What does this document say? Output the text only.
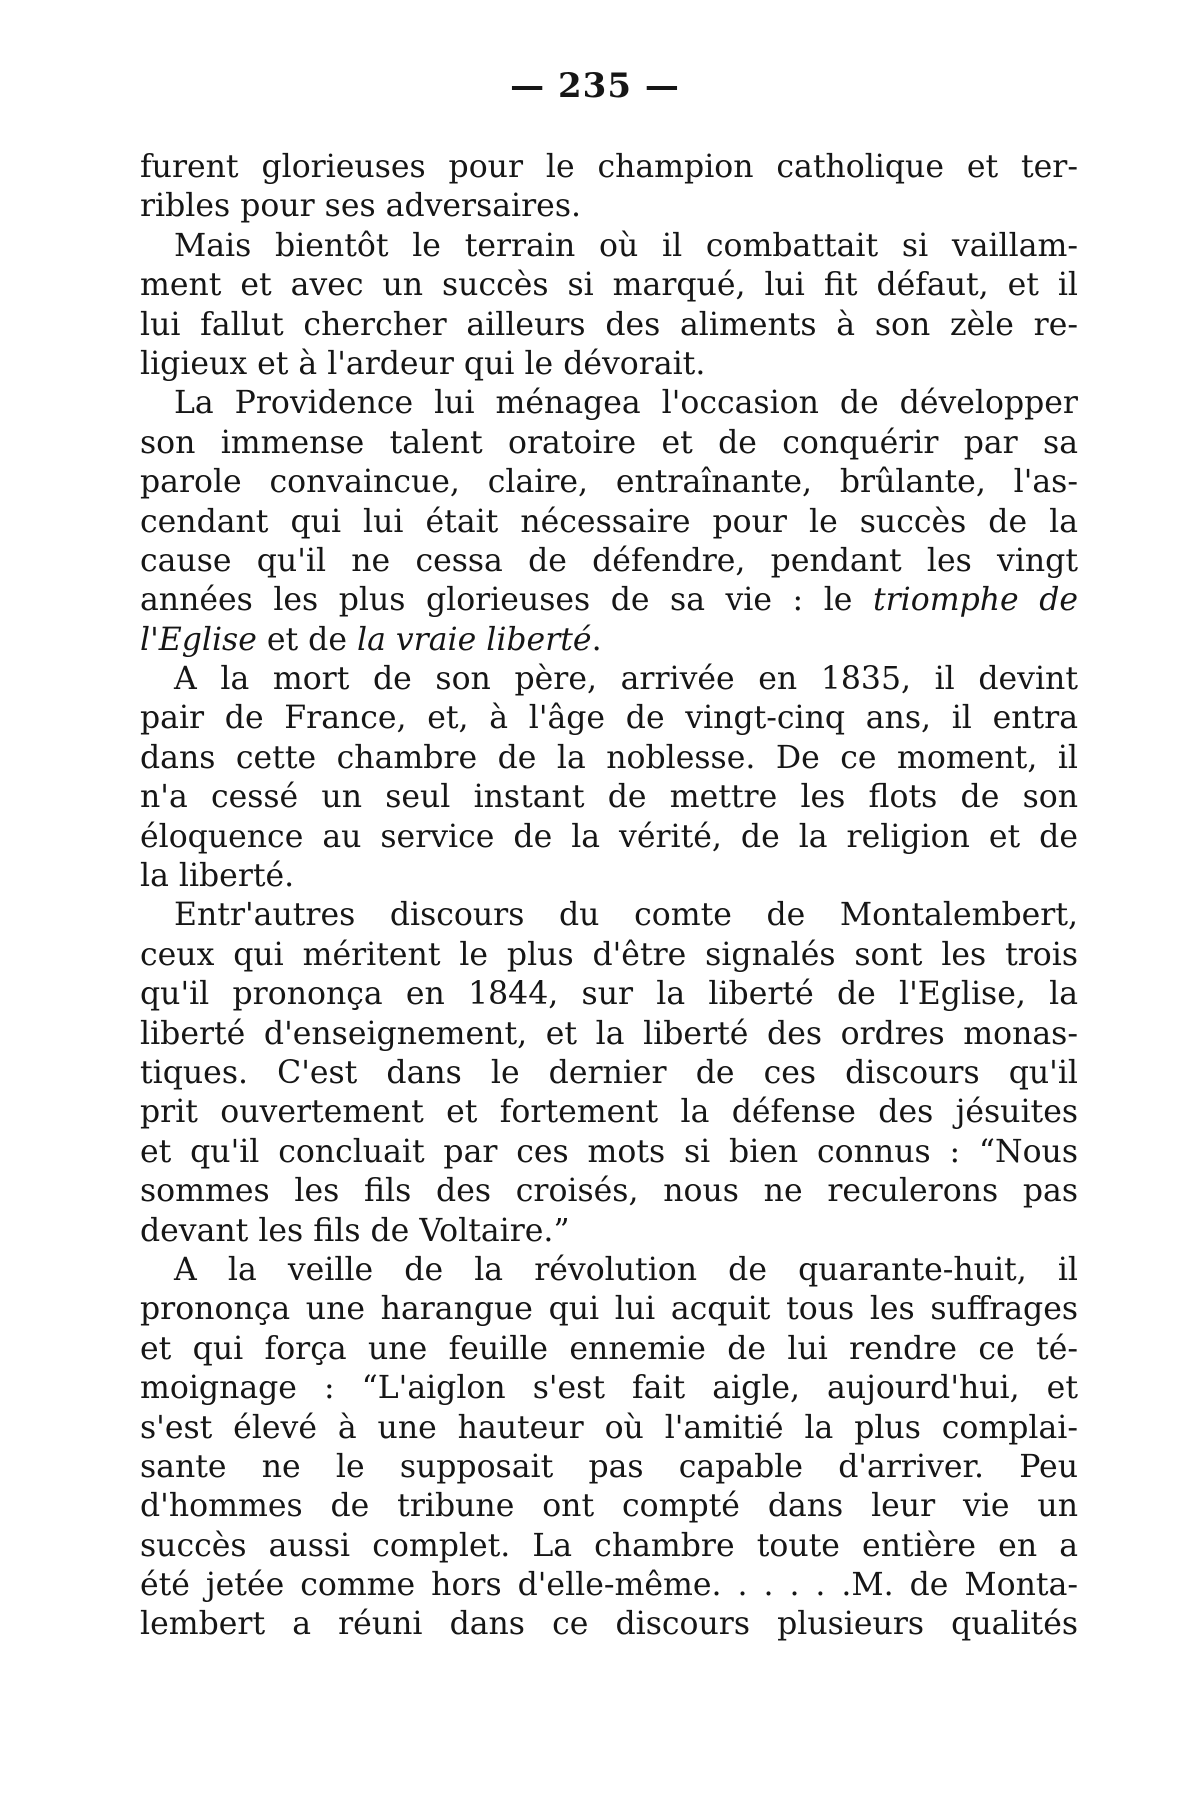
— 235 —
furent glorieuses pour le champion catholique et ter-
ribles pour ses adversaires.
Mais bientôt le terrain où il combattait si vaillam-
ment et avec un succès si marqué, lui fit défaut, et il
lui fallut chercher ailleurs des aliments à son zèle re-
ligieux et à l'ardeur qui le dévorait.
La Providence lui ménagea l'occasion de développer
son immense talent oratoire et de conquérir par sa
parole convaincue, claire, entraînante, brûlante, l'as-
cendant qui lui était nécessaire pour le succès de la
cause qu'il ne cessa de défendre, pendant les vingt
années les plus glorieuses de sa vie : le triomphe de
l'Eglise et de la vraie liberté.
A la mort de son père, arrivée en 1835, il devint
pair de France, et, à l'âge de vingt-cinq ans, il entra
dans cette chambre de la noblesse. De ce moment, il
n'a cessé un seul instant de mettre les flots de son
éloquence au service de la vérité, de la religion et de
la liberté.
Entr'autres discours du comte de Montalembert,
ceux qui méritent le plus d'être signalés sont les trois
qu'il prononça en 1844, sur la liberté de l'Eglise, la
liberté d'enseignement, et la liberté des ordres monas-
tiques. C'est dans le dernier de ces discours qu'il
prit ouvertement et fortement la défense des jésuites
et qu'il concluait par ces mots si bien connus : “Nous
sommes les fils des croisés, nous ne reculerons pas
devant les fils de Voltaire.”
A la veille de la révolution de quarante-huit, il
prononça une harangue qui lui acquit tous les suffrages
et qui força une feuille ennemie de lui rendre ce té-
moignage : “L'aiglon s'est fait aigle, aujourd'hui, et
s'est élevé à une hauteur où l'amitié la plus complai-
sante ne le supposait pas capable d'arriver. Peu
d'hommes de tribune ont compté dans leur vie un
succès aussi complet. La chambre toute entière en a
été jetée comme hors d'elle-même. . . . . .M. de Monta-
lembert a réuni dans ce discours plusieurs qualités
